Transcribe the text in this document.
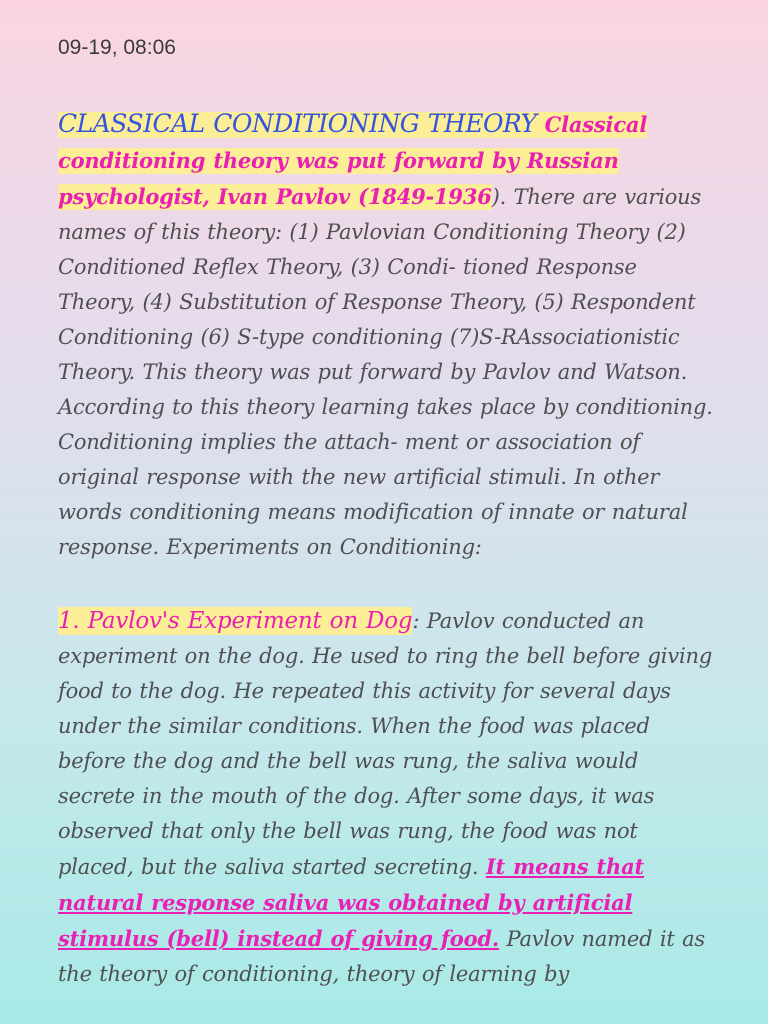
09-19, 08:06
CLASSICAL CONDITIONING THEORY Classical conditioning theory was put forward by Russian psychologist, Ivan Pavlov (1849-1936). There are various names of this theory: (1) Pavlovian Conditioning Theory (2) Conditioned Reflex Theory, (3) Condi- tioned Response Theory, (4) Substitution of Response Theory, (5) Respondent Conditioning (6) S-type conditioning (7)S-RAssociationistic Theory. This theory was put forward by Pavlov and Watson. According to this theory learning takes place by conditioning. Conditioning implies the attach- ment or association of original response with the new artificial stimuli. In other words conditioning means modification of innate or natural response. Experiments on Conditioning:
1. Pavlov's Experiment on Dog: Pavlov conducted an experiment on the dog. He used to ring the bell before giving food to the dog. He repeated this activity for several days under the similar conditions. When the food was placed before the dog and the bell was rung, the saliva would secrete in the mouth of the dog. After some days, it was observed that only the bell was rung, the food was not placed, but the saliva started secreting. It means that natural response saliva was obtained by artificial stimulus (bell) instead of giving food. Pavlov named it as the theory of conditioning, theory of learning by
